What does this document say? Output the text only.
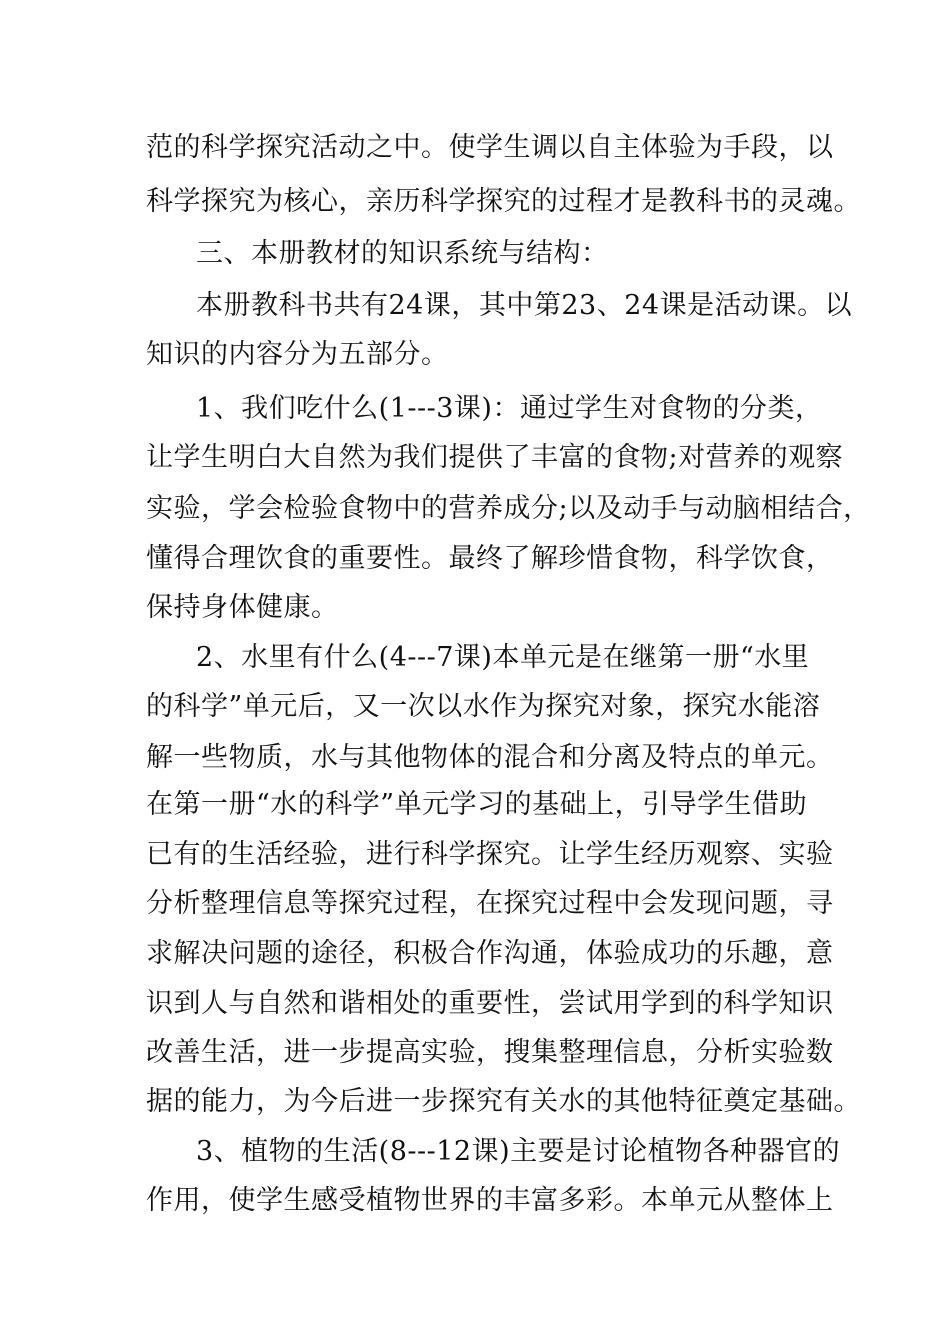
范的科学探究活动之中。使学生调以自主体验为手段，以
科学探究为核心，亲历科学探究的过程才是教科书的灵魂。
三、本册教材的知识系统与结构：
本册教科书共有24课，其中第23、24课是活动课。以
知识的内容分为五部分。
1、我们吃什么(1---3课)：通过学生对食物的分类，
让学生明白大自然为我们提供了丰富的食物;对营养的观察
实验，学会检验食物中的营养成分;以及动手与动脑相结合，
懂得合理饮食的重要性。最终了解珍惜食物，科学饮食，
保持身体健康。
2、水里有什么(4---7课)本单元是在继第一册“水里
的科学”单元后，又一次以水作为探究对象，探究水能溶
解一些物质，水与其他物体的混合和分离及特点的单元。
在第一册“水的科学”单元学习的基础上，引导学生借助
已有的生活经验，进行科学探究。让学生经历观察、实验
分析整理信息等探究过程，在探究过程中会发现问题，寻
求解决问题的途径，积极合作沟通，体验成功的乐趣，意
识到人与自然和谐相处的重要性，尝试用学到的科学知识
改善生活，进一步提高实验，搜集整理信息，分析实验数
据的能力，为今后进一步探究有关水的其他特征奠定基础。
3、植物的生活(8---12课)主要是讨论植物各种器官的
作用，使学生感受植物世界的丰富多彩。本单元从整体上
